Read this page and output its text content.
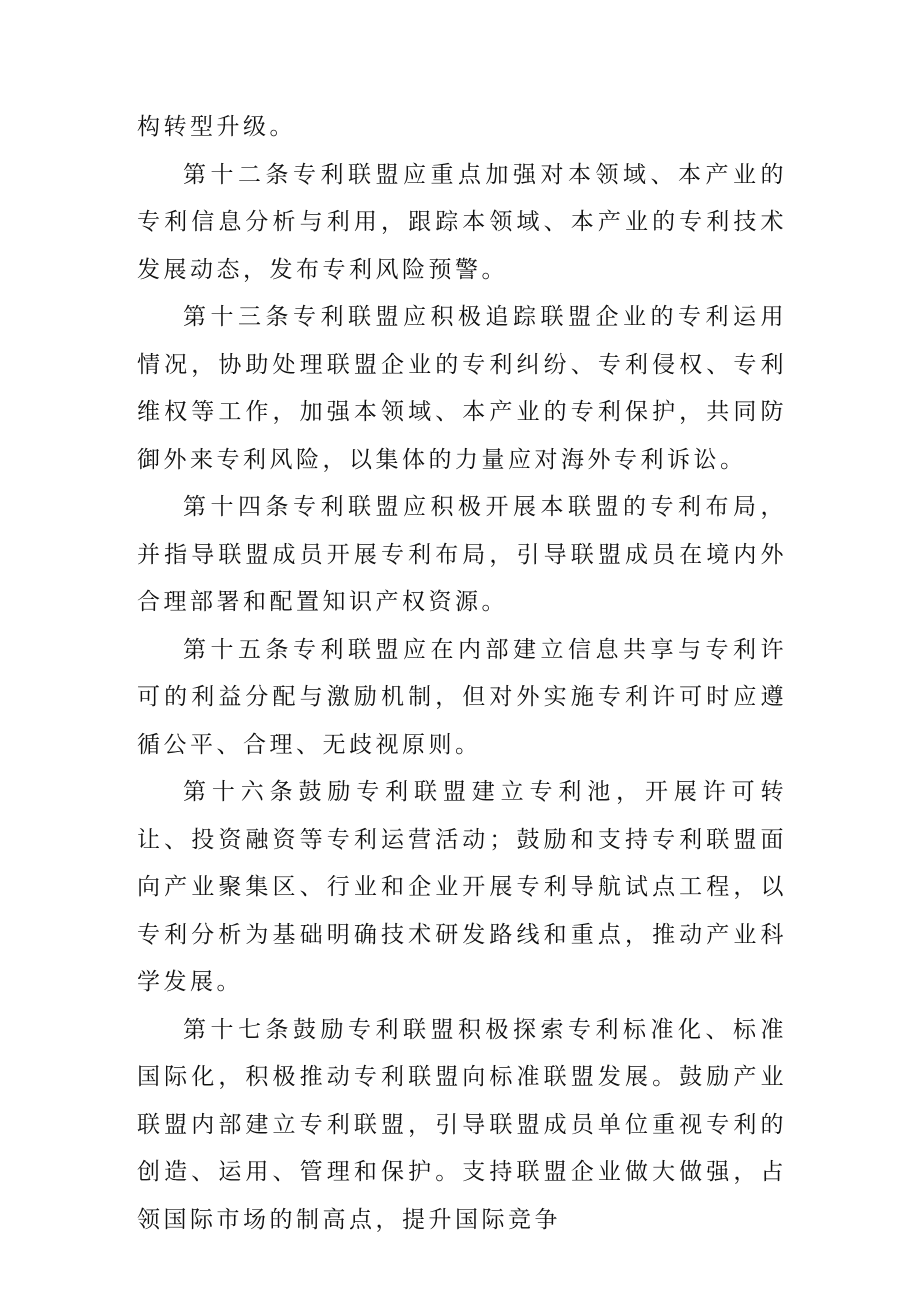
构转型升级。

第十二条专利联盟应重点加强对本领域、本产业的专利信息分析与利用，跟踪本领域、本产业的专利技术发展动态，发布专利风险预警。

第十三条专利联盟应积极追踪联盟企业的专利运用情况，协助处理联盟企业的专利纠纷、专利侵权、专利维权等工作，加强本领域、本产业的专利保护，共同防御外来专利风险，以集体的力量应对海外专利诉讼。

第十四条专利联盟应积极开展本联盟的专利布局，并指导联盟成员开展专利布局，引导联盟成员在境内外合理部署和配置知识产权资源。

第十五条专利联盟应在内部建立信息共享与专利许可的利益分配与激励机制，但对外实施专利许可时应遵循公平、合理、无歧视原则。

第十六条鼓励专利联盟建立专利池，开展许可转让、投资融资等专利运营活动；鼓励和支持专利联盟面向产业聚集区、行业和企业开展专利导航试点工程，以专利分析为基础明确技术研发路线和重点，推动产业科学发展。

第十七条鼓励专利联盟积极探索专利标准化、标准国际化，积极推动专利联盟向标准联盟发展。鼓励产业联盟内部建立专利联盟，引导联盟成员单位重视专利的创造、运用、管理和保护。支持联盟企业做大做强，占领国际市场的制高点，提升国际竞争
